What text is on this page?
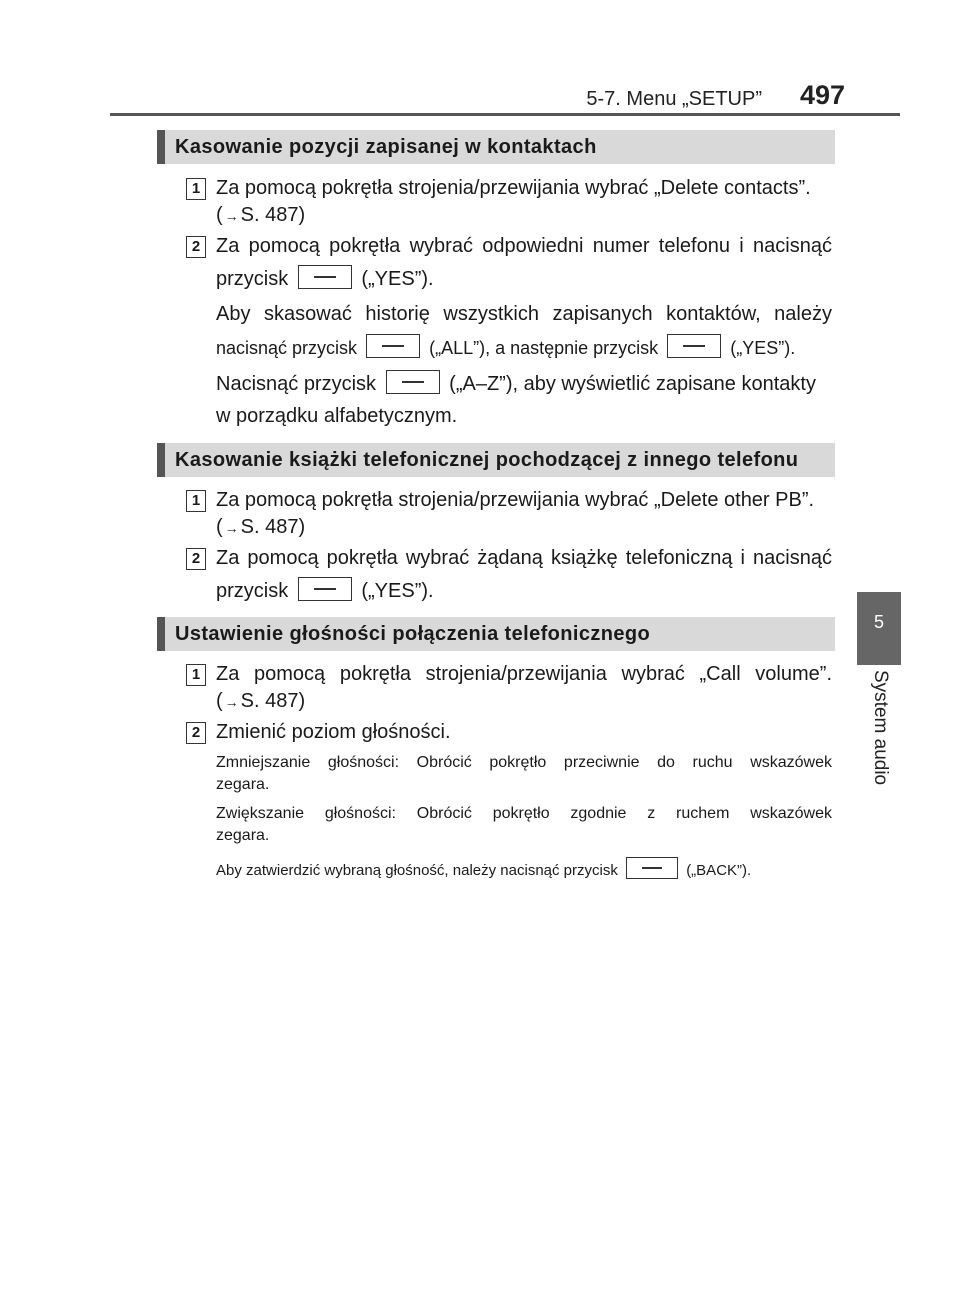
5-7. Menu „SETUP” 497
5
System audio
Kasowanie pozycji zapisanej w kontaktach
1 Za pomocą pokrętła strojenia/przewijania wybrać „Delete contacts”.
( → S. 487)
2 Za pomocą pokrętła wybrać odpowiedni numer telefonu i nacisnąć
przycisk	(„YES”).
Aby skasować historię wszystkich zapisanych kontaktów, należy
nacisnąć przycisk	(„ALL”), a następnie przycisk	(„YES”).
Nacisnąć przycisk	(„A–Z”), aby wyświetlić zapisane kontakty
w porządku alfabetycznym.
Kasowanie książki telefonicznej pochodzącej z innego telefonu
1 Za pomocą pokrętła strojenia/przewijania wybrać „Delete other PB”.
( → S. 487)
2 Za pomocą pokrętła wybrać żądaną książkę telefoniczną i nacisnąć
przycisk	(„YES”).
Ustawienie głośności połączenia telefonicznego
1 Za pomocą pokrętła strojenia/przewijania wybrać „Call volume”.
( → S. 487)
2 Zmienić poziom głośności.
Zmniejszanie głośności: Obrócić pokrętło przeciwnie do ruchu wskazówek
zegara.
Zwiększanie głośności: Obrócić pokrętło zgodnie z ruchem wskazówek
zegara.
Aby zatwierdzić wybraną głośność, należy nacisnąć przycisk	(„BACK”).
